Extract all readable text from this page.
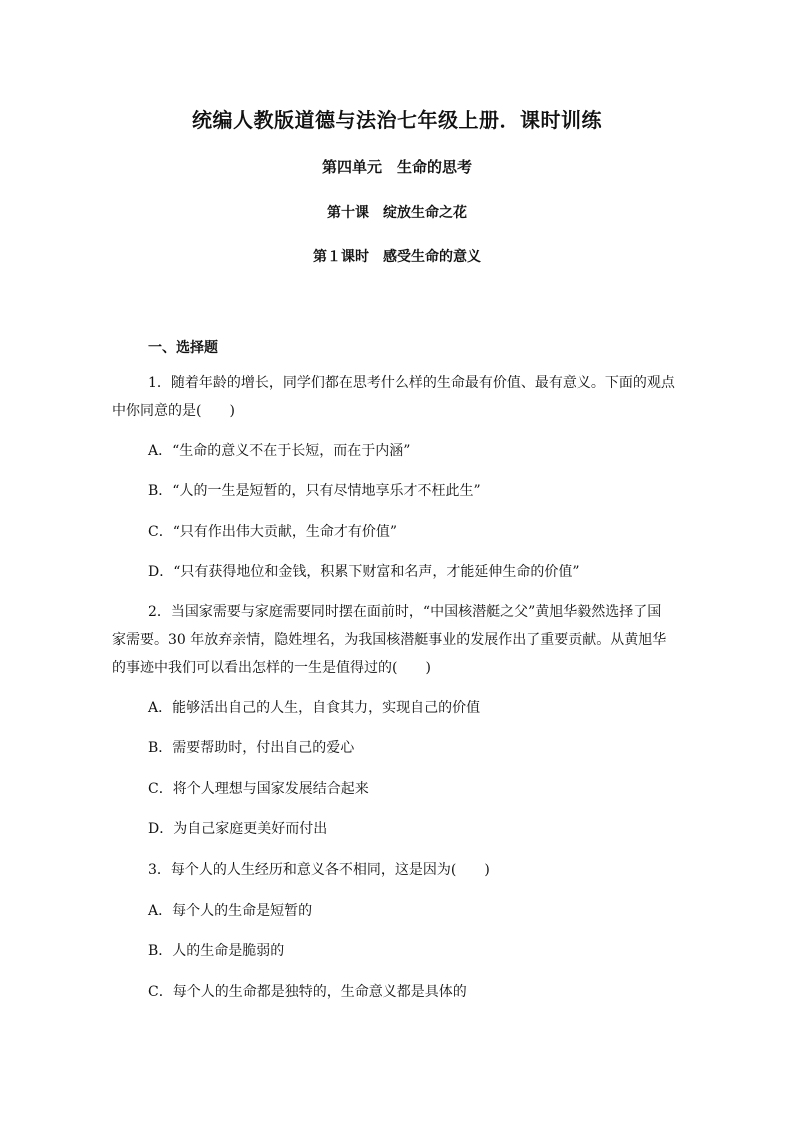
统编人教版道德与法治七年级上册．课时训练
第四单元　生命的思考
第十课　绽放生命之花
第１课时　感受生命的意义
一、选择题
1．随着年龄的增长，同学们都在思考什么样的生命最有价值、最有意义。下面的观点
中你同意的是(　　)
A．“生命的意义不在于长短，而在于内涵”
B．“人的一生是短暂的，只有尽情地享乐才不枉此生”
C．“只有作出伟大贡献，生命才有价值”
D．“只有获得地位和金钱，积累下财富和名声，才能延伸生命的价值”
2．当国家需要与家庭需要同时摆在面前时，“中国核潜艇之父”黄旭华毅然选择了国
家需要。30 年放弃亲情，隐姓埋名，为我国核潜艇事业的发展作出了重要贡献。从黄旭华
的事迹中我们可以看出怎样的一生是值得过的(　　)
A．能够活出自己的人生，自食其力，实现自己的价值
B．需要帮助时，付出自己的爱心
C．将个人理想与国家发展结合起来
D．为自己家庭更美好而付出
3．每个人的人生经历和意义各不相同，这是因为(　　)
A．每个人的生命是短暂的
B．人的生命是脆弱的
C．每个人的生命都是独特的，生命意义都是具体的
